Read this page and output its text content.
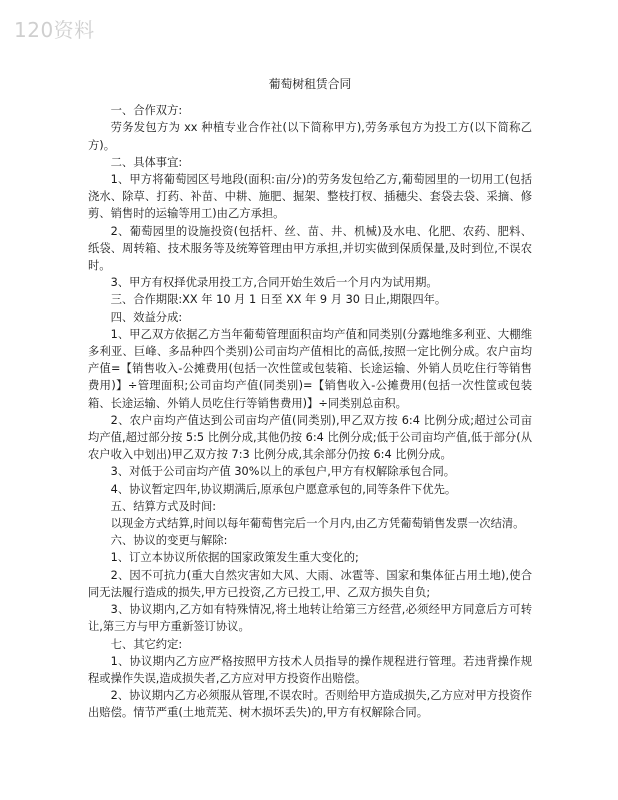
120资料
葡萄树租赁合同

一、合作双方:

劳务发包方为 xx 种植专业合作社(以下简称甲方),劳务承包方为投工方(以下简称乙方)。

二、具体事宜:

1、甲方将葡萄园区号地段(面积:亩/分)的劳务发包给乙方,葡萄园里的一切用工(包括浇水、除草、打药、补苗、中耕、施肥、掘架、整枝打杈、插穗尖、套袋去袋、采摘、修剪、销售时的运输等用工)由乙方承担。

2、葡萄园里的设施投资(包括杆、丝、苗、井、机械)及水电、化肥、农药、肥料、纸袋、周转箱、技术服务等及统筹管理由甲方承担,并切实做到保质保量,及时到位,不误农时。

3、甲方有权择优录用投工方,合同开始生效后一个月内为试用期。

三、合作期限:XX 年 10 月 1 日至 XX 年 9 月 30 日止,期限四年。

四、效益分成:

1、甲乙双方依据乙方当年葡萄管理面积亩均产值和同类别(分露地维多利亚、大棚维多利亚、巨峰、多品种四个类别)公司亩均产值相比的高低,按照一定比例分成。农户亩均产值=【销售收入-公摊费用(包括一次性筐或包装箱、长途运输、外销人员吃住行等销售费用)】÷管理面积;公司亩均产值(同类别)=【销售收入-公摊费用(包括一次性筐或包装箱、长途运输、外销人员吃住行等销售费用)】÷同类别总亩积。

2、农户亩均产值达到公司亩均产值(同类别),甲乙双方按 6:4 比例分成;超过公司亩均产值,超过部分按 5:5 比例分成,其他仍按 6:4 比例分成;低于公司亩均产值,低于部分(从农户收入中划出)甲乙双方按 7:3 比例分成,其余部分仍按 6:4 比例分成。

3、对低于公司亩均产值 30%以上的承包户,甲方有权解除承包合同。

4、协议暂定四年,协议期满后,原承包户愿意承包的,同等条件下优先。

五、结算方式及时间:

以现金方式结算,时间以每年葡萄售完后一个月内,由乙方凭葡萄销售发票一次结清。

六、协议的变更与解除:

1、订立本协议所依据的国家政策发生重大变化的;

2、因不可抗力(重大自然灾害如大风、大雨、冰雹等、国家和集体征占用土地),使合同无法履行造成的损失,甲方已投资,乙方已投工,甲、乙双方损失自负;

3、协议期内,乙方如有特殊情况,将土地转让给第三方经营,必须经甲方同意后方可转让,第三方与甲方重新签订协议。

七、其它约定:

1、协议期内乙方应严格按照甲方技术人员指导的操作规程进行管理。若违背操作规程或操作失误,造成损失者,乙方应对甲方投资作出赔偿。

2、协议期内乙方必须服从管理,不误农时。否则给甲方造成损失,乙方应对甲方投资作出赔偿。情节严重(土地荒芜、树木损坏丢失)的,甲方有权解除合同。
